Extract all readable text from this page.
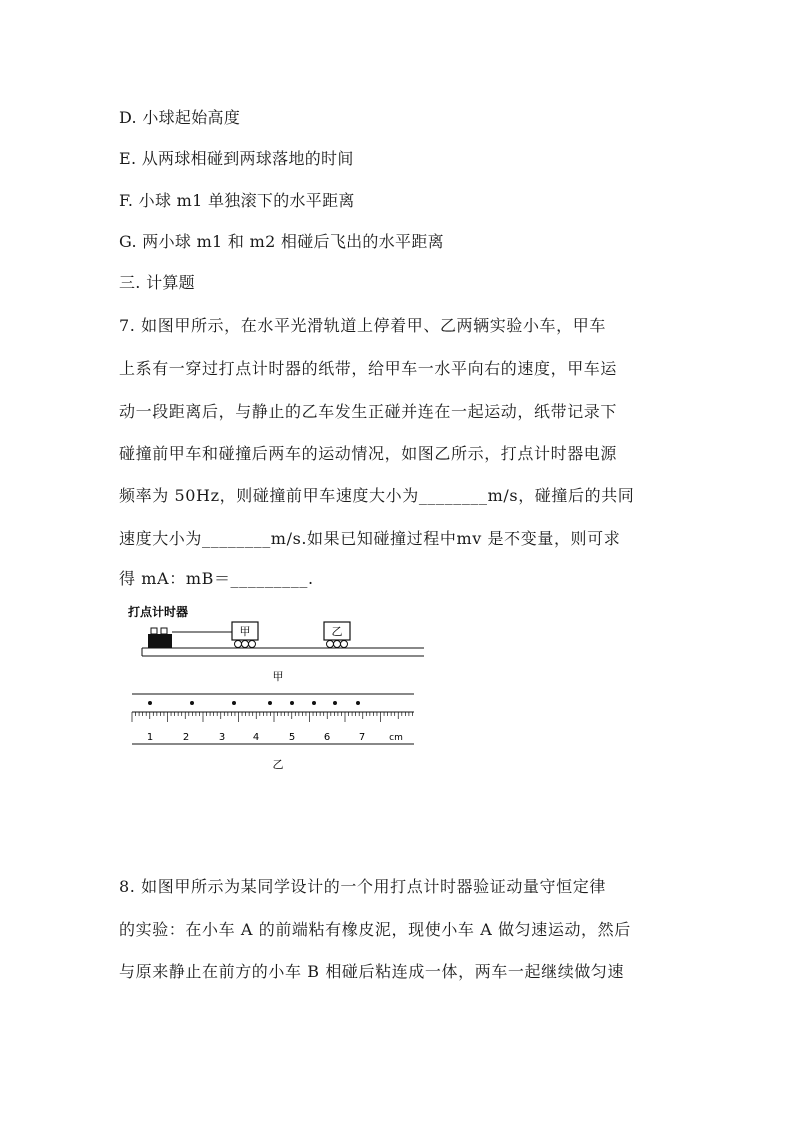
D. 小球起始高度
E. 从两球相碰到两球落地的时间
F. 小球 m1 单独滚下的水平距离
G. 两小球 m1 和 m2 相碰后飞出的水平距离
三. 计算题
7. 如图甲所示，在水平光滑轨道上停着甲、乙两辆实验小车，甲车
上系有一穿过打点计时器的纸带，给甲车一水平向右的速度，甲车运
动一段距离后，与静止的乙车发生正碰并连在一起运动，纸带记录下
碰撞前甲车和碰撞后两车的运动情况，如图乙所示，打点计时器电源
频率为 50Hz，则碰撞前甲车速度大小为________m/s，碰撞后的共同
速度大小为________m/s.如果已知碰撞过程中mv 是不变量，则可求
得 mA：mB＝_________.
打点计时器
甲	乙
甲
1	2	3	4	5	6	7	cm
乙
8. 如图甲所示为某同学设计的一个用打点计时器验证动量守恒定律
的实验：在小车 A 的前端粘有橡皮泥，现使小车 A 做匀速运动，然后
与原来静止在前方的小车 B 相碰后粘连成一体，两车一起继续做匀速
